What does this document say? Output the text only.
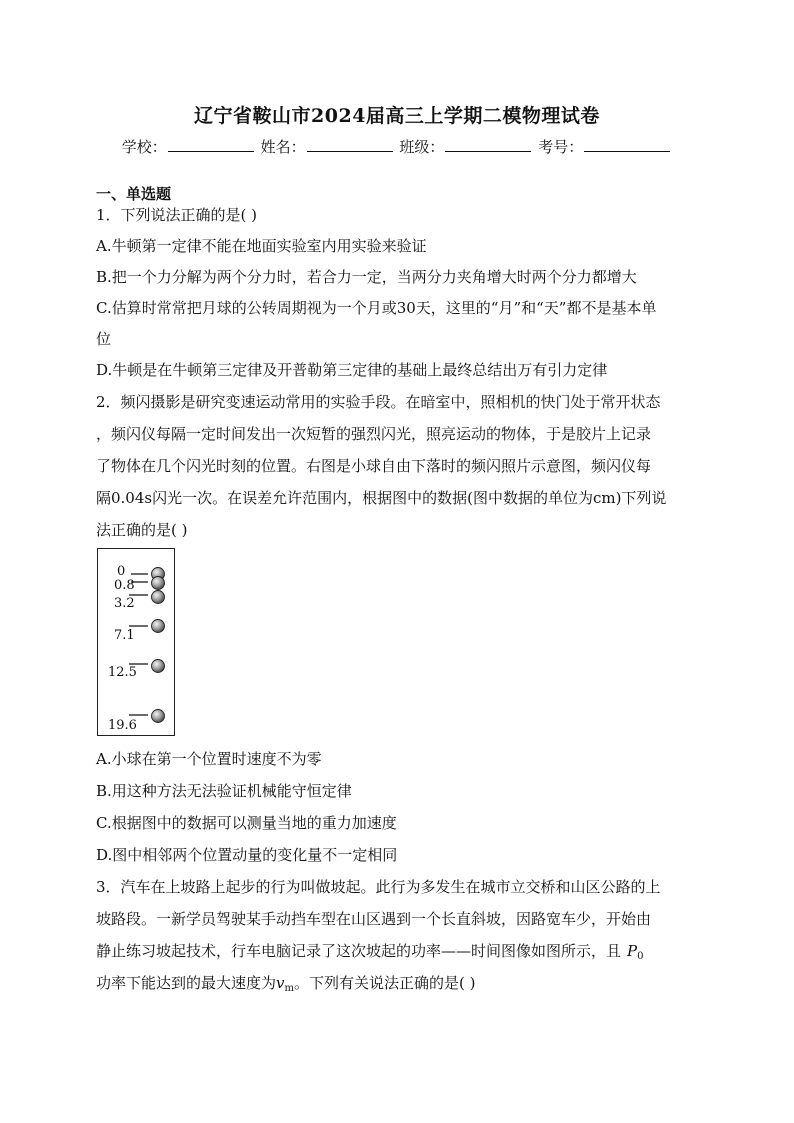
辽宁省鞍山市2024届高三上学期二模物理试卷
学校：	姓名：	班级：	考号：
一、单选题
1．下列说法正确的是( )
A.牛顿第一定律不能在地面实验室内用实验来验证
B.把一个力分解为两个分力时，若合力一定，当两分力夹角增大时两个分力都增大
C.估算时常常把月球的公转周期视为一个月或30天，这里的“月”和“天”都不是基本单
位
D.牛顿是在牛顿第三定律及开普勒第三定律的基础上最终总结出万有引力定律
2．频闪摄影是研究变速运动常用的实验手段。在暗室中，照相机的快门处于常开状态
，频闪仪每隔一定时间发出一次短暂的强烈闪光，照亮运动的物体，于是胶片上记录
了物体在几个闪光时刻的位置。右图是小球自由下落时的频闪照片示意图，频闪仪每
隔0.04s闪光一次。在误差允许范围内，根据图中的数据(图中数据的单位为cm)下列说
法正确的是( )
0
0.8
3.2
7.1
12.5
19.6
A.小球在第一个位置时速度不为零
B.用这种方法无法验证机械能守恒定律
C.根据图中的数据可以测量当地的重力加速度
D.图中相邻两个位置动量的变化量不一定相同
3．汽车在上坡路上起步的行为叫做坡起。此行为多发生在城市立交桥和山区公路的上
坡路段。一新学员驾驶某手动挡车型在山区遇到一个长直斜坡，因路宽车少，开始由
静止练习坡起技术，行车电脑记录了这次坡起的功率——时间图像如图所示，且 $P_0$
功率下能达到的最大速度为$v_m$。下列有关说法正确的是( )
